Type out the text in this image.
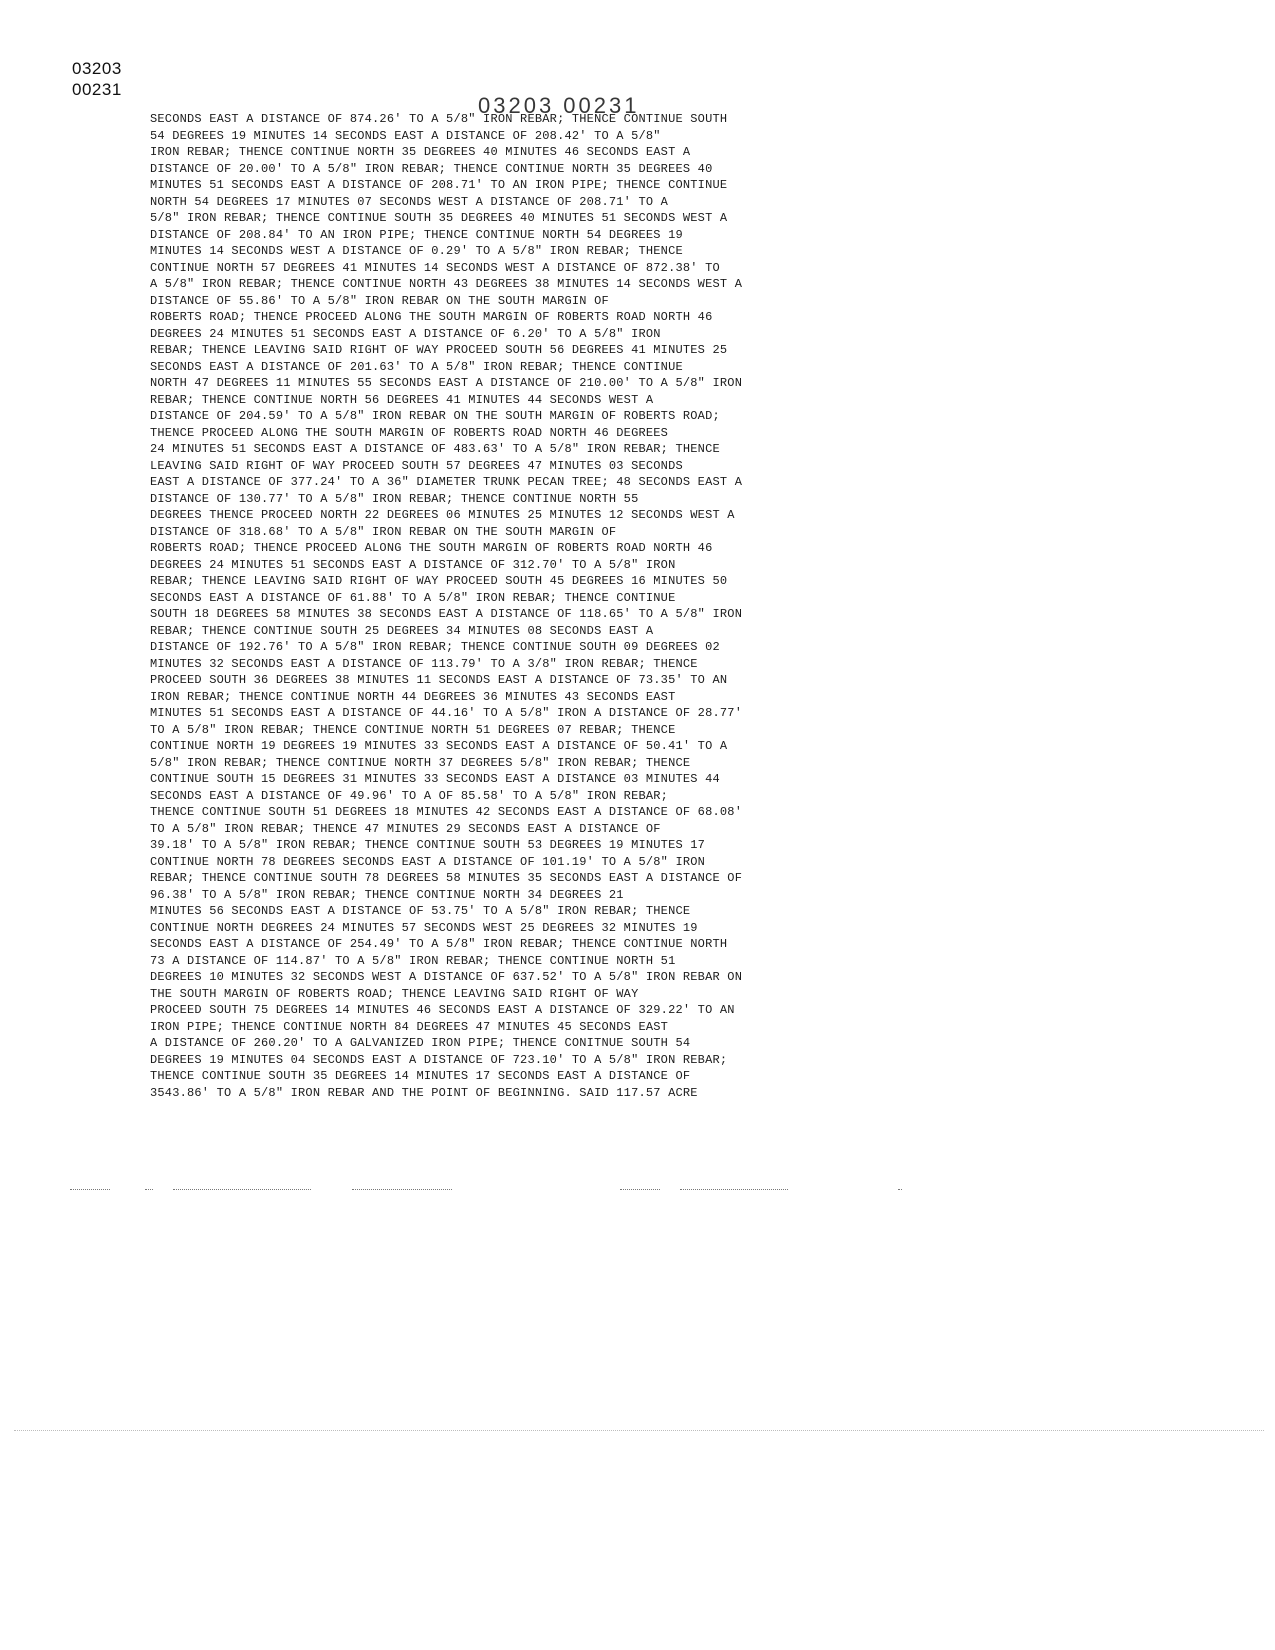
03203
00231
03203 00231
SECONDS EAST A DISTANCE OF 874.26' TO A 5/8" IRON REBAR; THENCE CONTINUE SOUTH
54 DEGREES 19 MINUTES 14 SECONDS EAST A DISTANCE OF 208.42' TO A 5/8"
IRON REBAR; THENCE CONTINUE NORTH 35 DEGREES 40 MINUTES 46 SECONDS EAST A
DISTANCE OF 20.00' TO A 5/8" IRON REBAR; THENCE CONTINUE NORTH 35 DEGREES 40
MINUTES 51 SECONDS EAST A DISTANCE OF 208.71' TO AN IRON PIPE; THENCE CONTINUE
NORTH 54 DEGREES 17 MINUTES 07 SECONDS WEST A DISTANCE OF 208.71' TO A
5/8" IRON REBAR; THENCE CONTINUE SOUTH 35 DEGREES 40 MINUTES 51 SECONDS WEST A
DISTANCE OF 208.84' TO AN IRON PIPE; THENCE CONTINUE NORTH 54 DEGREES 19
MINUTES 14 SECONDS WEST A DISTANCE OF 0.29' TO A 5/8" IRON REBAR; THENCE
CONTINUE NORTH 57 DEGREES 41 MINUTES 14 SECONDS WEST A DISTANCE OF 872.38' TO
A 5/8" IRON REBAR; THENCE CONTINUE NORTH 43 DEGREES 38 MINUTES 14 SECONDS WEST A
DISTANCE OF 55.86' TO A 5/8" IRON REBAR ON THE SOUTH MARGIN OF
ROBERTS ROAD; THENCE PROCEED ALONG THE SOUTH MARGIN OF ROBERTS ROAD NORTH 46
DEGREES 24 MINUTES 51 SECONDS EAST A DISTANCE OF 6.20' TO A 5/8" IRON
REBAR; THENCE LEAVING SAID RIGHT OF WAY PROCEED SOUTH 56 DEGREES 41 MINUTES 25
SECONDS EAST A DISTANCE OF 201.63' TO A 5/8" IRON REBAR; THENCE CONTINUE
NORTH 47 DEGREES 11 MINUTES 55 SECONDS EAST A DISTANCE OF 210.00' TO A 5/8" IRON
REBAR; THENCE CONTINUE NORTH 56 DEGREES 41 MINUTES 44 SECONDS WEST A
DISTANCE OF 204.59' TO A 5/8" IRON REBAR ON THE SOUTH MARGIN OF ROBERTS ROAD;
THENCE PROCEED ALONG THE SOUTH MARGIN OF ROBERTS ROAD NORTH 46 DEGREES
24 MINUTES 51 SECONDS EAST A DISTANCE OF 483.63' TO A 5/8" IRON REBAR; THENCE
LEAVING SAID RIGHT OF WAY PROCEED SOUTH 57 DEGREES 47 MINUTES 03 SECONDS
EAST A DISTANCE OF 377.24' TO A 36" DIAMETER TRUNK PECAN TREE; 48 SECONDS EAST A
DISTANCE OF 130.77' TO A 5/8" IRON REBAR; THENCE CONTINUE NORTH 55
DEGREES THENCE PROCEED NORTH 22 DEGREES 06 MINUTES 25 MINUTES 12 SECONDS WEST A
DISTANCE OF 318.68' TO A 5/8" IRON REBAR ON THE SOUTH MARGIN OF
ROBERTS ROAD; THENCE PROCEED ALONG THE SOUTH MARGIN OF ROBERTS ROAD NORTH 46
DEGREES 24 MINUTES 51 SECONDS EAST A DISTANCE OF 312.70' TO A 5/8" IRON
REBAR; THENCE LEAVING SAID RIGHT OF WAY PROCEED SOUTH 45 DEGREES 16 MINUTES 50
SECONDS EAST A DISTANCE OF 61.88' TO A 5/8" IRON REBAR; THENCE CONTINUE
SOUTH 18 DEGREES 58 MINUTES 38 SECONDS EAST A DISTANCE OF 118.65' TO A 5/8" IRON
REBAR; THENCE CONTINUE SOUTH 25 DEGREES 34 MINUTES 08 SECONDS EAST A
DISTANCE OF 192.76' TO A 5/8" IRON REBAR; THENCE CONTINUE SOUTH 09 DEGREES 02
MINUTES 32 SECONDS EAST A DISTANCE OF 113.79' TO A 3/8" IRON REBAR; THENCE
PROCEED SOUTH 36 DEGREES 38 MINUTES 11 SECONDS EAST A DISTANCE OF 73.35' TO AN
IRON REBAR; THENCE CONTINUE NORTH 44 DEGREES 36 MINUTES 43 SECONDS EAST
MINUTES 51 SECONDS EAST A DISTANCE OF 44.16' TO A 5/8" IRON A DISTANCE OF 28.77'
TO A 5/8" IRON REBAR; THENCE CONTINUE NORTH 51 DEGREES 07 REBAR; THENCE
CONTINUE NORTH 19 DEGREES 19 MINUTES 33 SECONDS EAST A DISTANCE OF 50.41' TO A
5/8" IRON REBAR; THENCE CONTINUE NORTH 37 DEGREES 5/8" IRON REBAR; THENCE
CONTINUE SOUTH 15 DEGREES 31 MINUTES 33 SECONDS EAST A DISTANCE 03 MINUTES 44
SECONDS EAST A DISTANCE OF 49.96' TO A OF 85.58' TO A 5/8" IRON REBAR;
THENCE CONTINUE SOUTH 51 DEGREES 18 MINUTES 42 SECONDS EAST A DISTANCE OF 68.08'
TO A 5/8" IRON REBAR; THENCE 47 MINUTES 29 SECONDS EAST A DISTANCE OF
39.18' TO A 5/8" IRON REBAR; THENCE CONTINUE SOUTH 53 DEGREES 19 MINUTES 17
CONTINUE NORTH 78 DEGREES SECONDS EAST A DISTANCE OF 101.19' TO A 5/8" IRON
REBAR; THENCE CONTINUE SOUTH 78 DEGREES 58 MINUTES 35 SECONDS EAST A DISTANCE OF
96.38' TO A 5/8" IRON REBAR; THENCE CONTINUE NORTH 34 DEGREES 21
MINUTES 56 SECONDS EAST A DISTANCE OF 53.75' TO A 5/8" IRON REBAR; THENCE
CONTINUE NORTH DEGREES 24 MINUTES 57 SECONDS WEST 25 DEGREES 32 MINUTES 19
SECONDS EAST A DISTANCE OF 254.49' TO A 5/8" IRON REBAR; THENCE CONTINUE NORTH
73 A DISTANCE OF 114.87' TO A 5/8" IRON REBAR; THENCE CONTINUE NORTH 51
DEGREES 10 MINUTES 32 SECONDS WEST A DISTANCE OF 637.52' TO A 5/8" IRON REBAR ON
THE SOUTH MARGIN OF ROBERTS ROAD; THENCE LEAVING SAID RIGHT OF WAY
PROCEED SOUTH 75 DEGREES 14 MINUTES 46 SECONDS EAST A DISTANCE OF 329.22' TO AN
IRON PIPE; THENCE CONTINUE NORTH 84 DEGREES 47 MINUTES 45 SECONDS EAST
A DISTANCE OF 260.20' TO A GALVANIZED IRON PIPE; THENCE CONITNUE SOUTH 54
DEGREES 19 MINUTES 04 SECONDS EAST A DISTANCE OF 723.10' TO A 5/8" IRON REBAR;
THENCE CONTINUE SOUTH 35 DEGREES 14 MINUTES 17 SECONDS EAST A DISTANCE OF
3543.86' TO A 5/8" IRON REBAR AND THE POINT OF BEGINNING. SAID 117.57 ACRE
